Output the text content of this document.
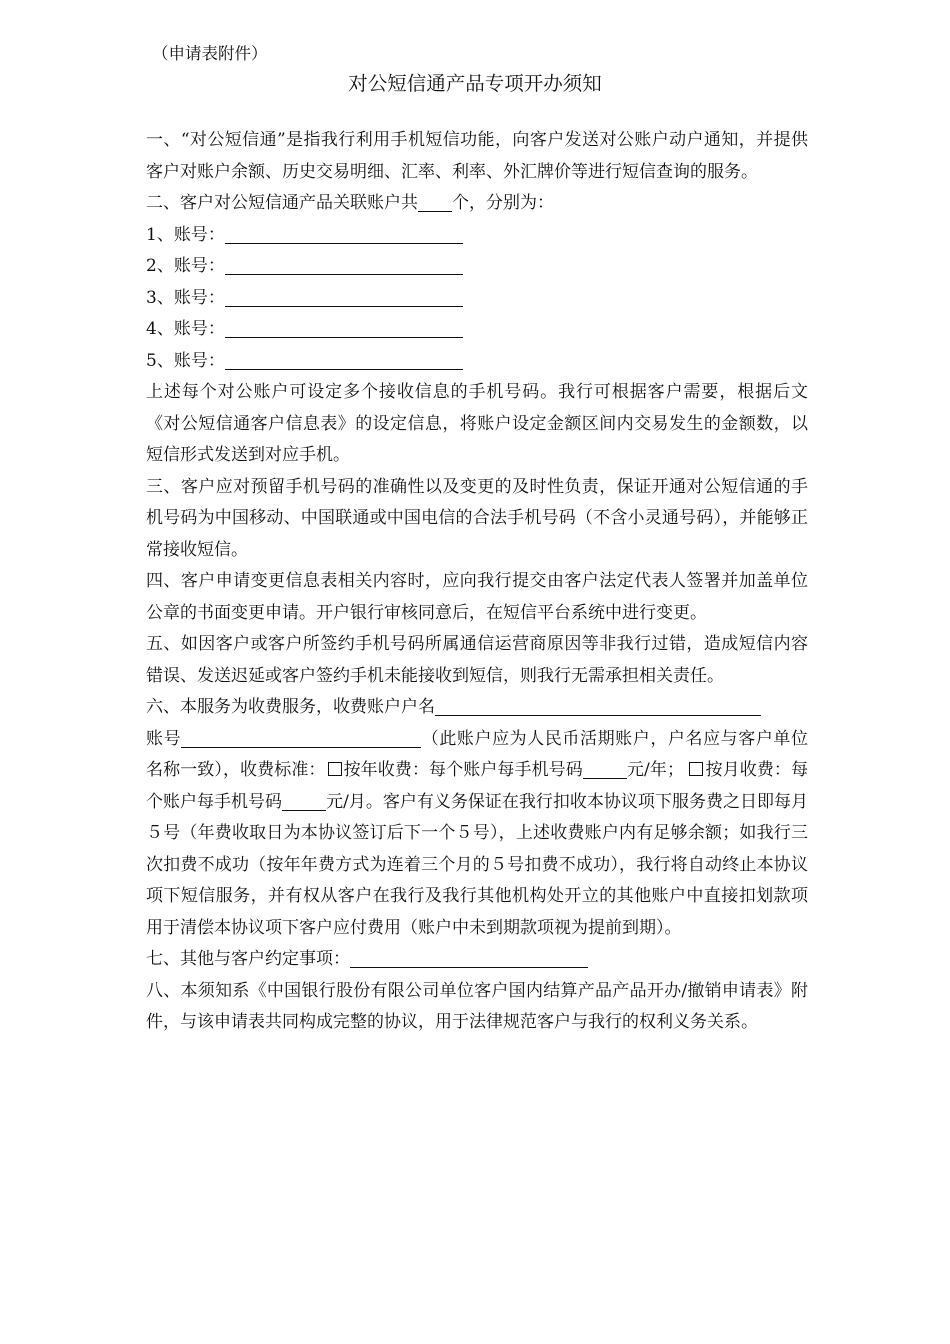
（申请表附件）
对公短信通产品专项开办须知
一、“对公短信通”是指我行利用手机短信功能，向客户发送对公账户动户通知，并提供客户对账户余额、历史交易明细、汇率、利率、外汇牌价等进行短信查询的服务。
二、客户对公短信通产品关联账户共 个，分别为：
1、账号：
2、账号：
3、账号：
4、账号：
5、账号：
上述每个对公账户可设定多个接收信息的手机号码。我行可根据客户需要，根据后文《对公短信通客户信息表》的设定信息，将账户设定金额区间内交易发生的金额数，以短信形式发送到对应手机。
三、客户应对预留手机号码的准确性以及变更的及时性负责，保证开通对公短信通的手机号码为中国移动、中国联通或中国电信的合法手机号码（不含小灵通号码），并能够正常接收短信。
四、客户申请变更信息表相关内容时，应向我行提交由客户法定代表人签署并加盖单位公章的书面变更申请。开户银行审核同意后，在短信平台系统中进行变更。
五、如因客户或客户所签约手机号码所属通信运营商原因等非我行过错，造成短信内容错误、发送迟延或客户签约手机未能接收到短信，则我行无需承担相关责任。
六、本服务为收费服务，收费账户户名
账号	（此账户应为人民币活期账户，户名应与客户单位名称一致），收费标准： 按年收费：每个账户每手机号码	元/年； 按月收费：每个账户每手机号码	元/月。客户有义务保证在我行扣收本协议项下服务费之日即每月５号（年费收取日为本协议签订后下一个５号），上述收费账户内有足够余额；如我行三次扣费不成功（按年年费方式为连着三个月的５号扣费不成功），我行将自动终止本协议项下短信服务，并有权从客户在我行及我行其他机构处开立的其他账户中直接扣划款项用于清偿本协议项下客户应付费用（账户中未到期款项视为提前到期）。
七、其他与客户约定事项：
八、本须知系《中国银行股份有限公司单位客户国内结算产品产品开办/撤销申请表》附件，与该申请表共同构成完整的协议，用于法律规范客户与我行的权利义务关系。
